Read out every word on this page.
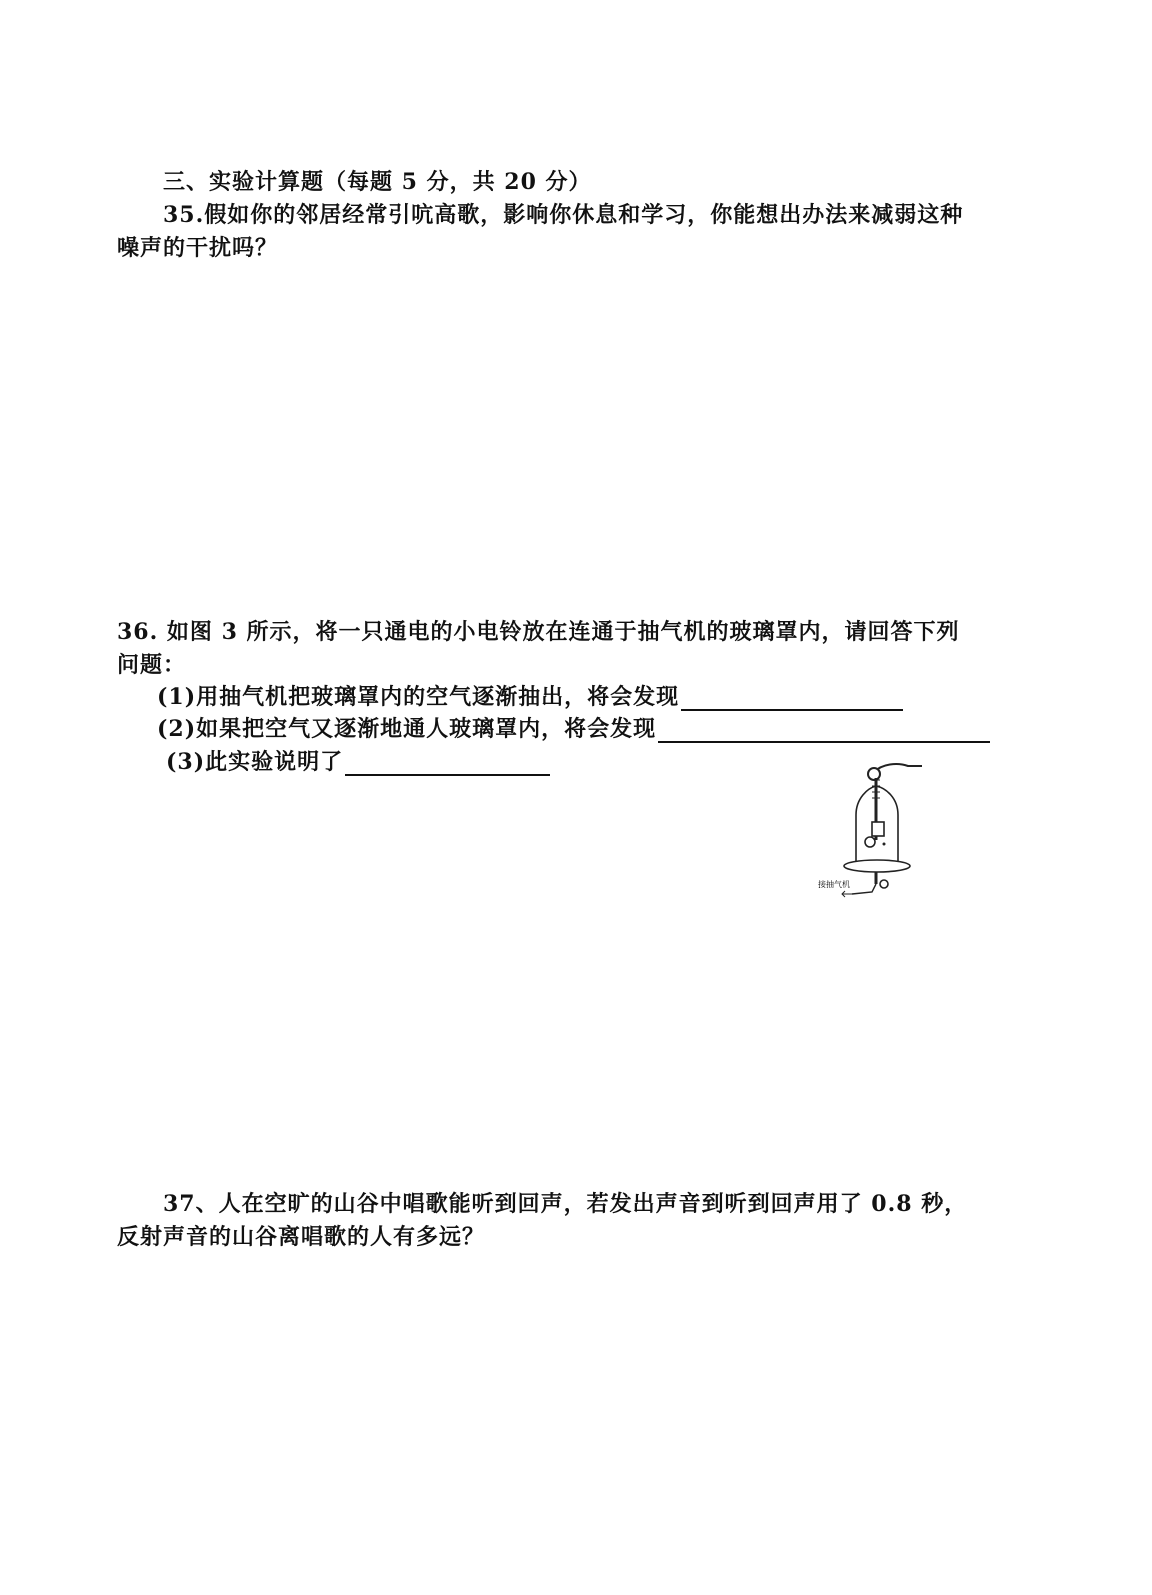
三、实验计算题（每题 5 分，共 20 分）
35.假如你的邻居经常引吭高歌，影响你休息和学习，你能想出办法来减弱这种
噪声的干扰吗？
36. 如图 3 所示，将一只通电的小电铃放在连通于抽气机的玻璃罩内，请回答下列
问题：
(1)用抽气机把玻璃罩内的空气逐渐抽出，将会发现
(2)如果把空气又逐渐地通人玻璃罩内，将会发现
(3)此实验说明了
接抽气机
37、人在空旷的山谷中唱歌能听到回声，若发出声音到听到回声用了 0.8 秒，
反射声音的山谷离唱歌的人有多远？
